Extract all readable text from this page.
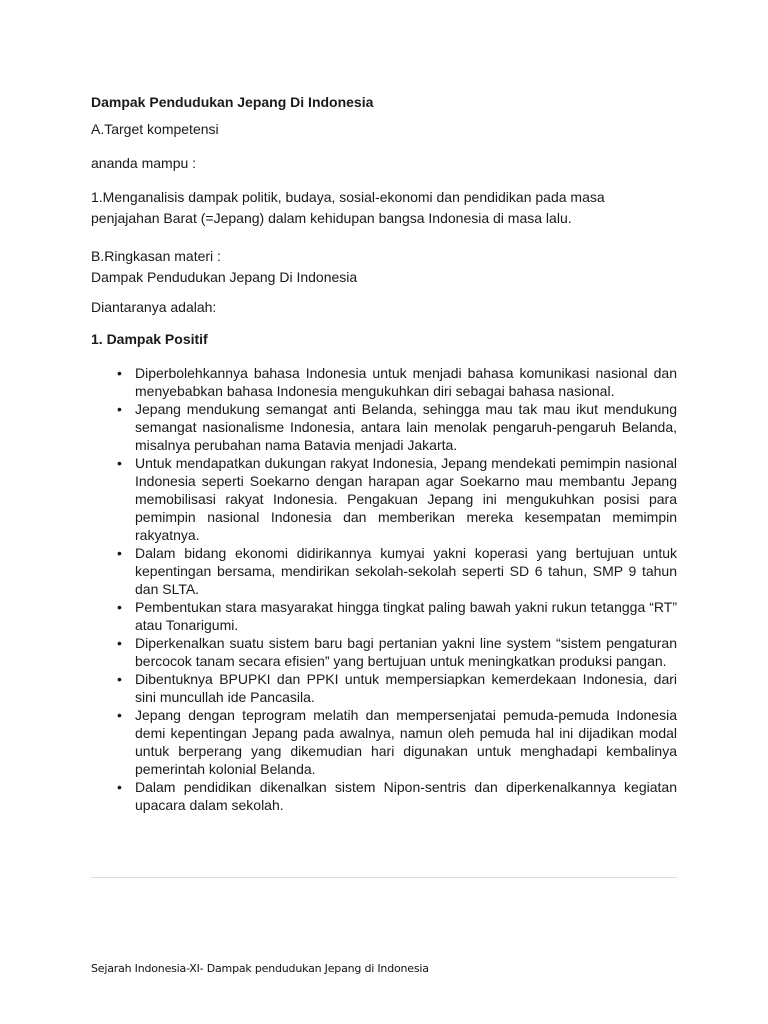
Dampak Pendudukan Jepang Di Indonesia

A.Target kompetensi

ananda mampu :

1.Menganalisis dampak politik, budaya, sosial-ekonomi dan pendidikan pada masa penjajahan Barat (=Jepang) dalam kehidupan bangsa Indonesia di masa lalu.

B.Ringkasan materi :

Dampak Pendudukan Jepang Di Indonesia

Diantaranya adalah:

1. Dampak Positif

• Diperbolehkannya bahasa Indonesia untuk menjadi bahasa komunikasi nasional dan menyebabkan bahasa Indonesia mengukuhkan diri sebagai bahasa nasional.
• Jepang mendukung semangat anti Belanda, sehingga mau tak mau ikut mendukung semangat nasionalisme Indonesia, antara lain menolak pengaruh-pengaruh Belanda, misalnya perubahan nama Batavia menjadi Jakarta.
• Untuk mendapatkan dukungan rakyat Indonesia, Jepang mendekati pemimpin nasional Indonesia seperti Soekarno dengan harapan agar Soekarno mau membantu Jepang memobilisasi rakyat Indonesia. Pengakuan Jepang ini mengukuhkan posisi para pemimpin nasional Indonesia dan memberikan mereka kesempatan memimpin rakyatnya.
• Dalam bidang ekonomi didirikannya kumyai yakni koperasi yang bertujuan untuk kepentingan bersama, mendirikan sekolah-sekolah seperti SD 6 tahun, SMP 9 tahun dan SLTA.
• Pembentukan stara masyarakat hingga tingkat paling bawah yakni rukun tetangga “RT” atau Tonarigumi.
• Diperkenalkan suatu sistem baru bagi pertanian yakni line system “sistem pengaturan bercocok tanam secara efisien” yang bertujuan untuk meningkatkan produksi pangan.
• Dibentuknya BPUPKI dan PPKI untuk mempersiapkan kemerdekaan Indonesia, dari sini muncullah ide Pancasila.
• Jepang dengan teprogram melatih dan mempersenjatai pemuda-pemuda Indonesia demi kepentingan Jepang pada awalnya, namun oleh pemuda hal ini dijadikan modal untuk berperang yang dikemudian hari digunakan untuk menghadapi kembalinya pemerintah kolonial Belanda.
• Dalam pendidikan dikenalkan sistem Nipon-sentris dan diperkenalkannya kegiatan upacara dalam sekolah.
Sejarah Indonesia-XI- Dampak pendudukan Jepang di Indonesia
